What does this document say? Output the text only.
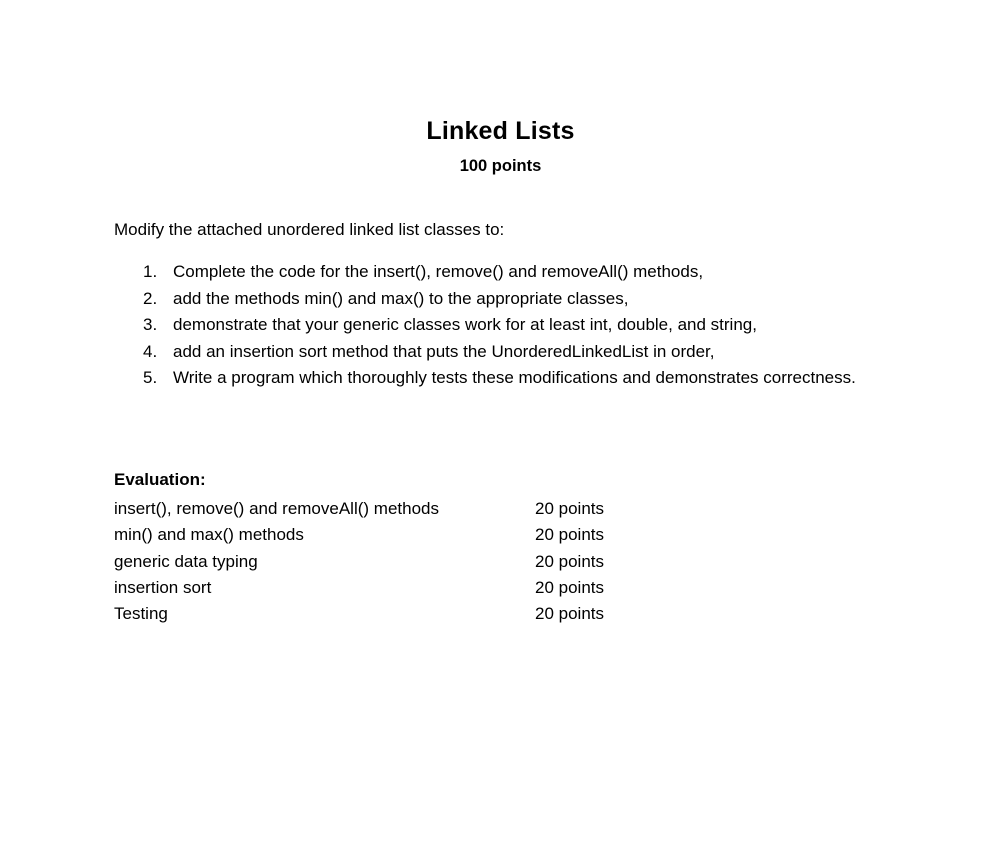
Linked Lists
100 points
Modify the attached unordered linked list classes to:
1. Complete the code for the insert(), remove() and removeAll() methods,
2. add the methods min() and max() to the appropriate classes,
3. demonstrate that your generic classes work for at least int, double, and string,
4. add an insertion sort method that puts the UnorderedLinkedList in order,
5. Write a program which thoroughly tests these modifications and demonstrates correctness.
Evaluation:
insert(), remove() and removeAll() methods	20 points
min() and max() methods	20 points
generic data typing	20 points
insertion sort	20 points
Testing	20 points
